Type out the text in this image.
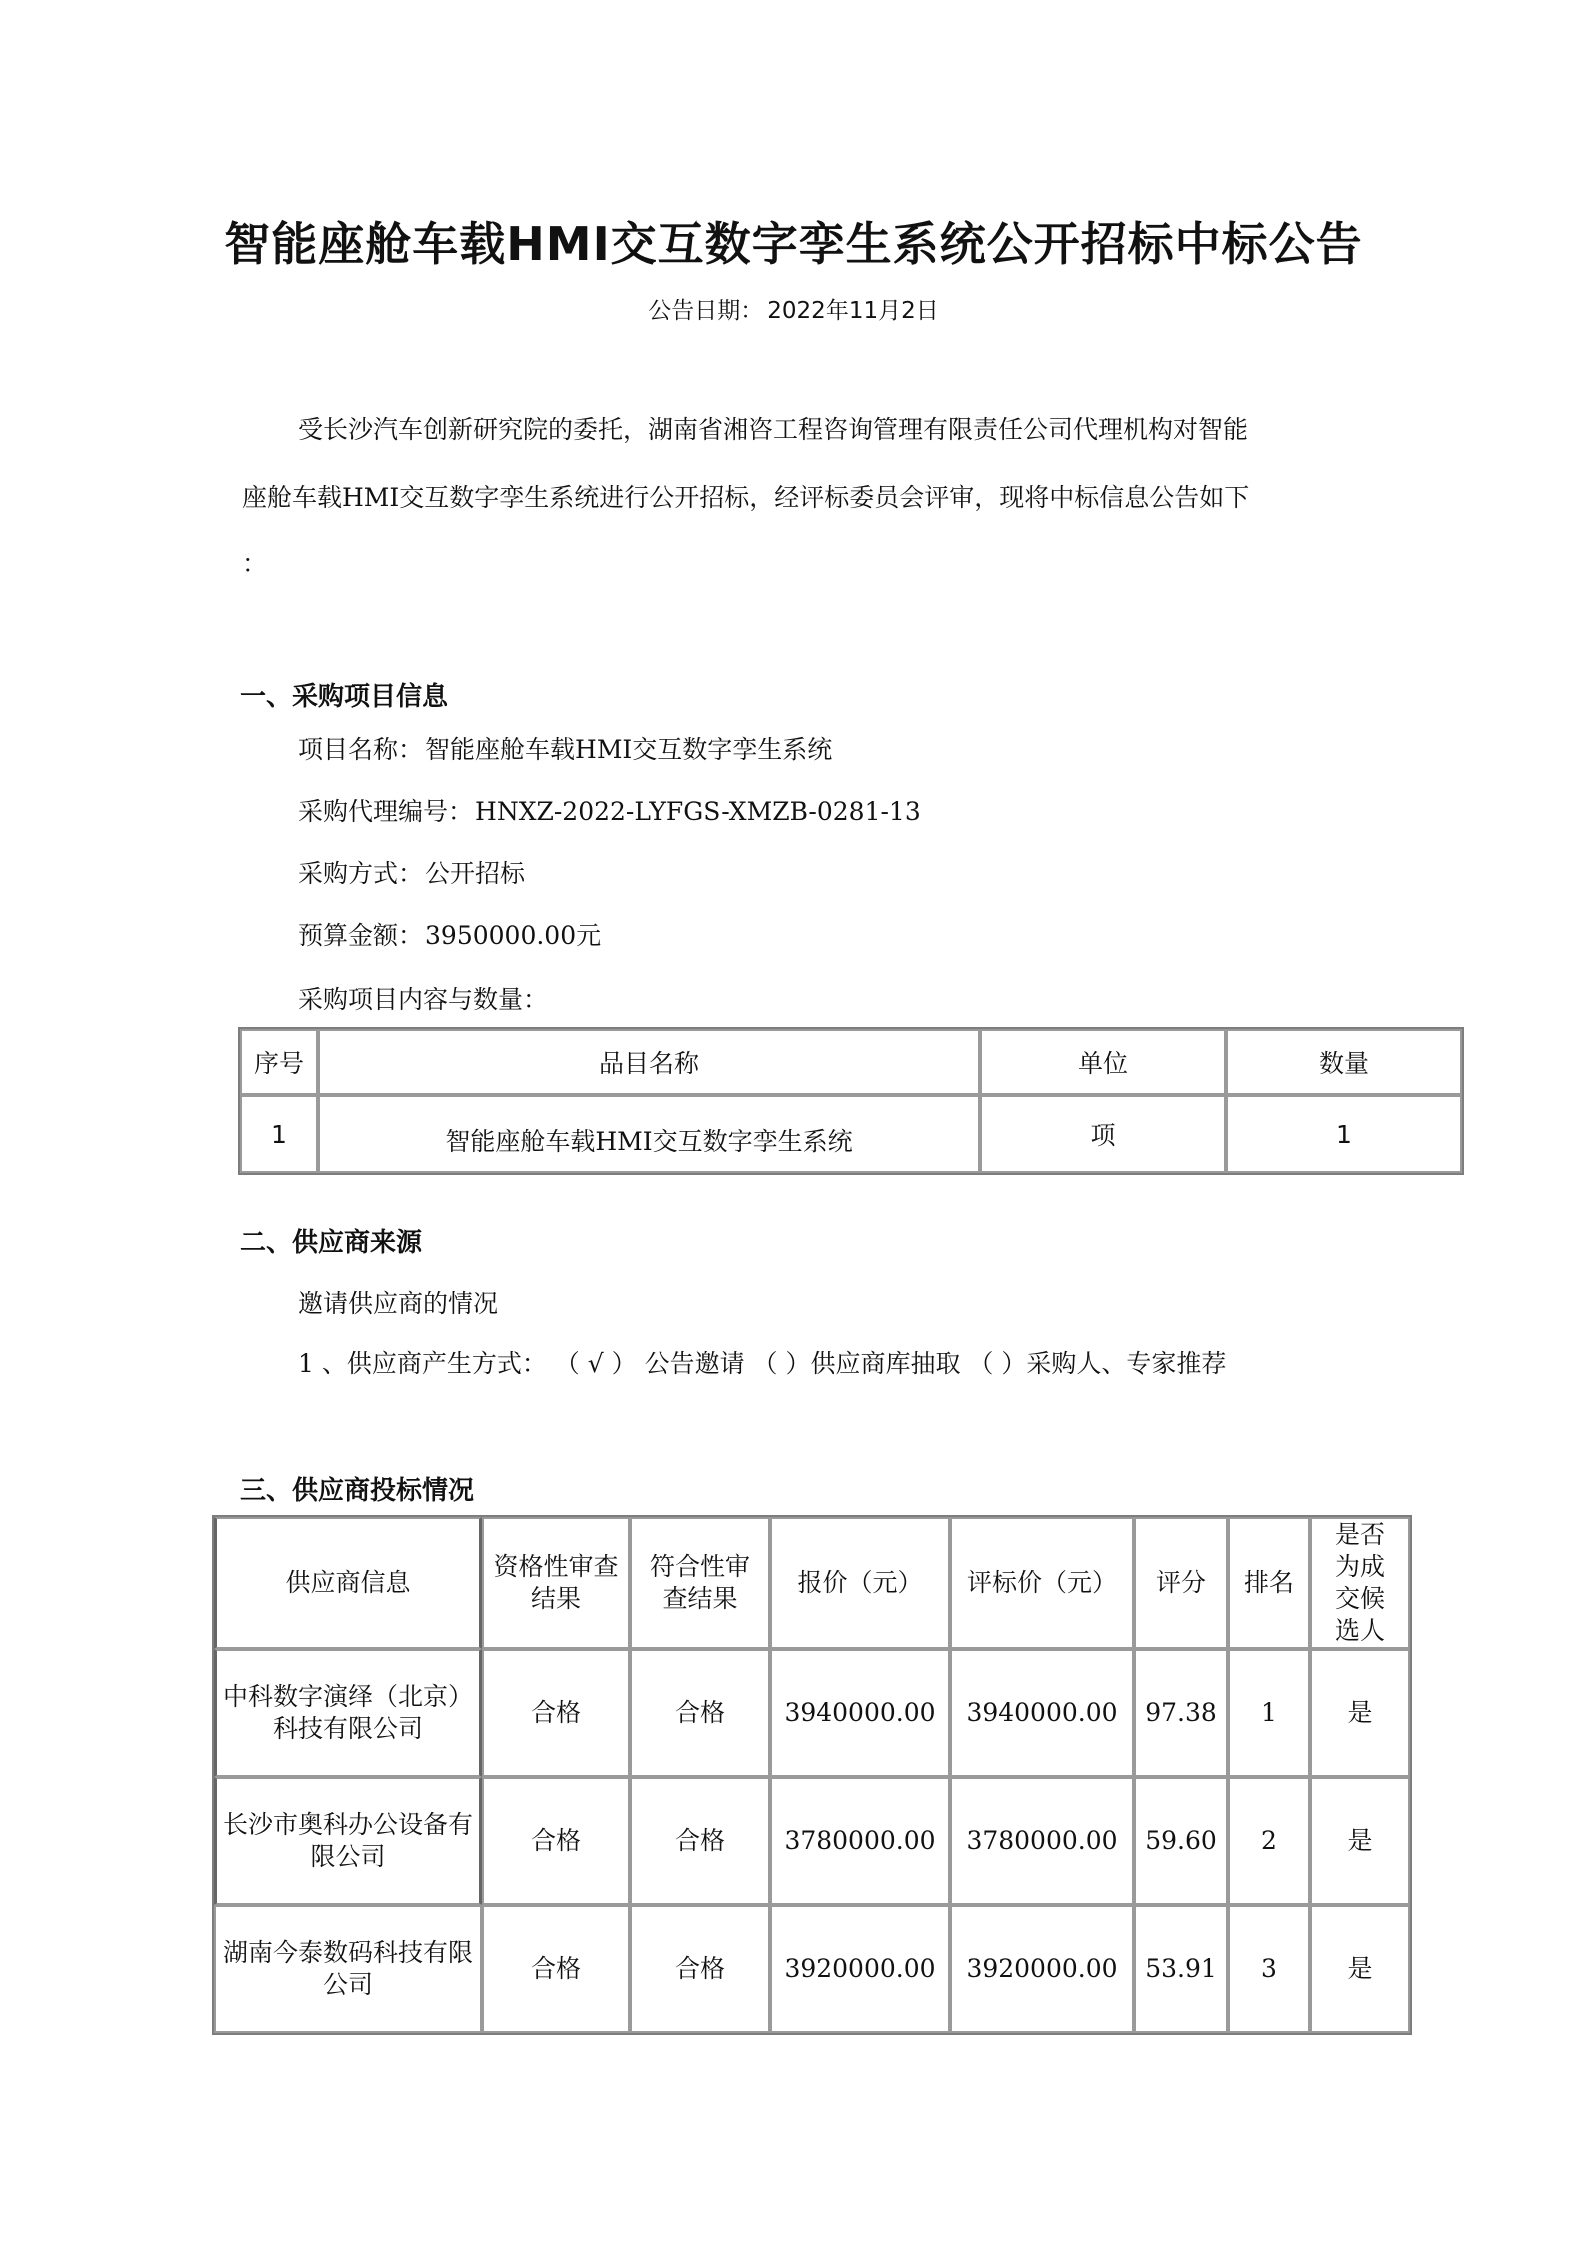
智能座舱车载HMI交互数字孪生系统公开招标中标公告
公告日期： 2022年11月2日
受长沙汽车创新研究院的委托，湖南省湘咨工程咨询管理有限责任公司代理机构对智能
座舱车载HMI交互数字孪生系统进行公开招标，经评标委员会评审，现将中标信息公告如下
：
一、采购项目信息
项目名称：智能座舱车载HMI交互数字孪生系统
采购代理编号：HNXZ-2022-LYFGS-XMZB-0281-13
采购方式：公开招标
预算金额：3950000.00元
采购项目内容与数量：
序号	品目名称	单位	数量
1	智能座舱车载HMI交互数字孪生系统	项	1
二、供应商来源
邀请供应商的情况
1 、供应商产生方式： （ √ ） 公告邀请 （ ）供应商库抽取 （ ）采购人、专家推荐
三、供应商投标情况
供应商信息	资格性审查结果	符合性审查结果	报价（元）	评标价（元）	评分	排名	是否为成交候选人
中科数字演绎（北京）科技有限公司	合格	合格	3940000.00	3940000.00	97.38	1	是
长沙市奥科办公设备有限公司	合格	合格	3780000.00	3780000.00	59.60	2	是
湖南今泰数码科技有限公司	合格	合格	3920000.00	3920000.00	53.91	3	是
